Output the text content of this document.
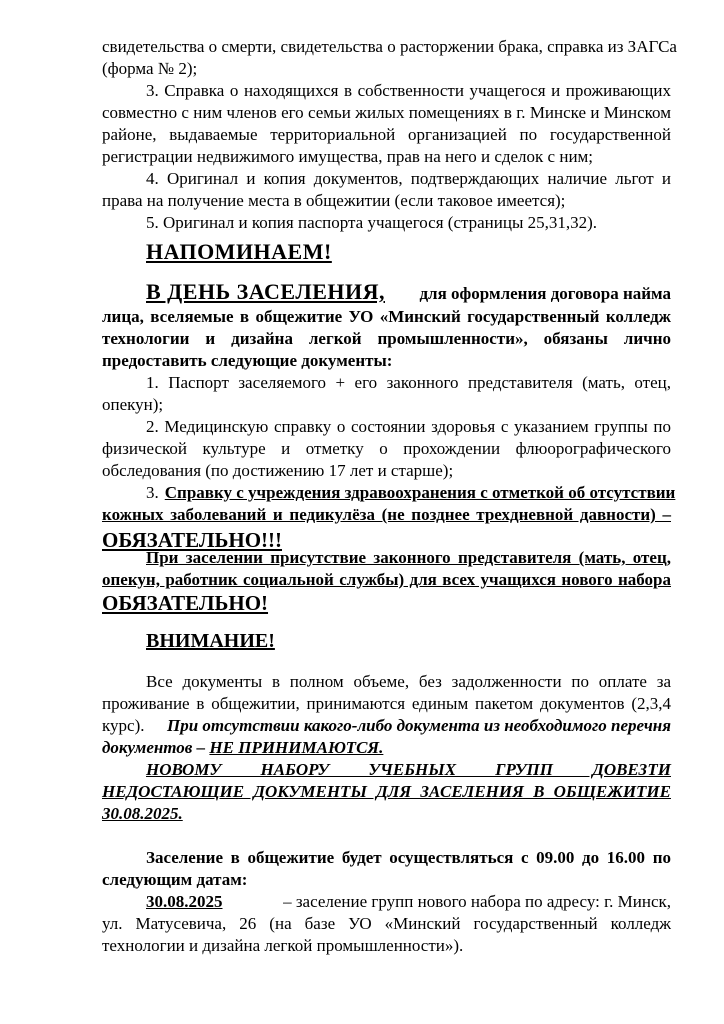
свидетельства о смерти, свидетельства о расторжении брака, справка из ЗАГСа
(форма № 2);
3. Справка о находящихся в собственности учащегося и проживающих
совместно с ним членов его семьи жилых помещениях в г. Минске и Минском
районе, выдаваемые территориальной организацией по государственной
регистрации недвижимого имущества, прав на него и сделок с ним;
4. Оригинал и копия документов, подтверждающих наличие льгот и
права на получение места в общежитии (если таковое имеется);
5. Оригинал и копия паспорта учащегося (страницы 25,31,32).
НАПОМИНАЕМ!
В ДЕНЬ ЗАСЕЛЕНИЯ, для оформления договора найма
лица, вселяемые в общежитие УО «Минский государственный колледж
технологии и дизайна легкой промышленности», обязаны лично
предоставить следующие документы:
1. Паспорт заселяемого + его законного представителя (мать, отец,
опекун);
2. Медицинскую справку о состоянии здоровья с указанием группы по
физической культуре и отметку о прохождении флюорографического
обследования (по достижению 17 лет и старше);
3. Справку с учреждения здравоохранения с отметкой об отсутствии
кожных заболеваний и педикулёза (не позднее трехдневной давности) –
ОБЯЗАТЕЛЬНО!!!
При заселении присутствие законного представителя (мать, отец,
опекун, работник социальной службы) для всех учащихся нового набора
ОБЯЗАТЕЛЬНО!
ВНИМАНИЕ!
Все документы в полном объеме, без задолженности по оплате за
проживание в общежитии, принимаются единым пакетом документов (2,3,4
курс). При отсутствии какого-либо документа из необходимого перечня
документов – НЕ ПРИНИМАЮТСЯ.
НОВОМУ НАБОРУ УЧЕБНЫХ ГРУПП ДОВЕЗТИ
НЕДОСТАЮЩИЕ ДОКУМЕНТЫ ДЛЯ ЗАСЕЛЕНИЯ В ОБЩЕЖИТИЕ
30.08.2025.
Заселение в общежитие будет осуществляться с 09.00 до 16.00 по
следующим датам:
30.08.2025	– заселение групп нового набора по адресу: г. Минск,
ул. Матусевича, 26 (на базе УО «Минский государственный колледж
технологии и дизайна легкой промышленности»).
